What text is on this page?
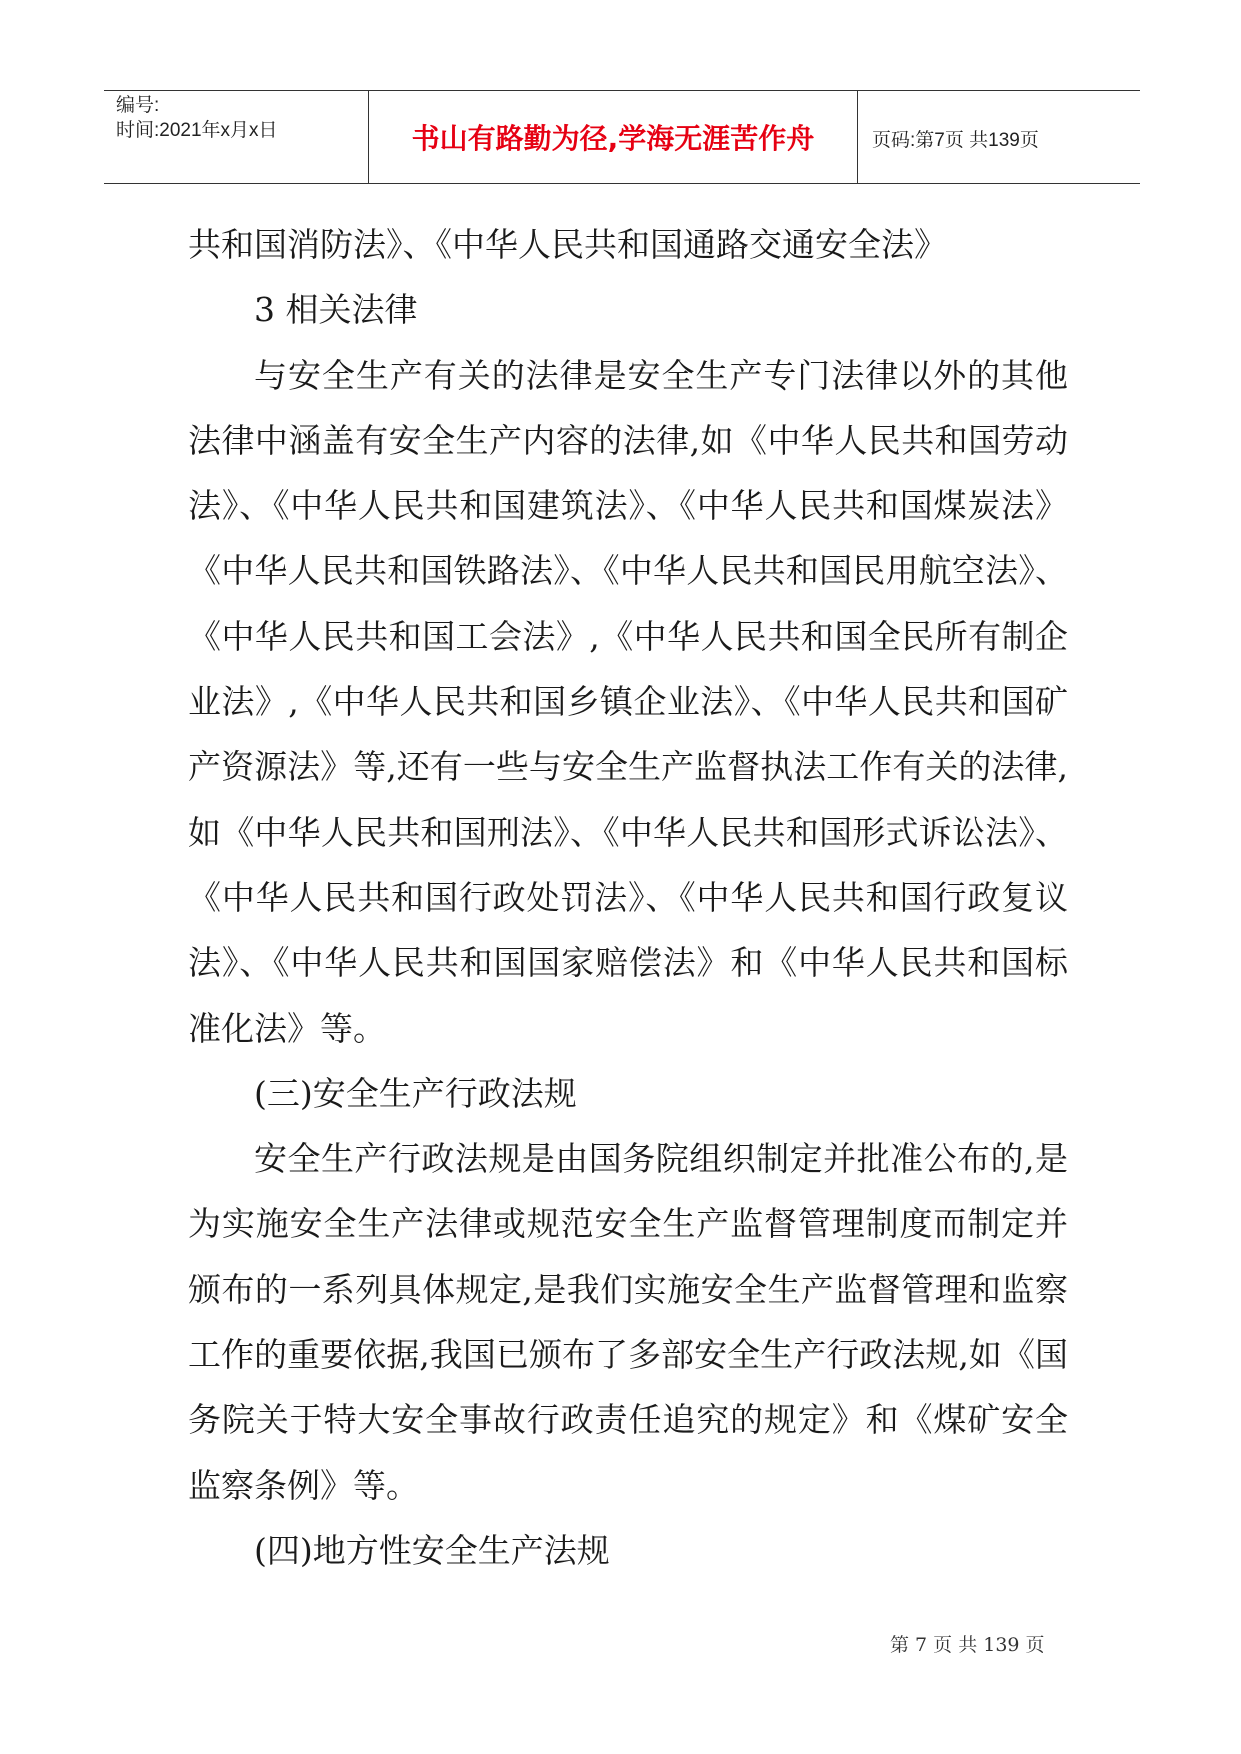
编号:
时间:2021年x月x日	书山有路勤为径,学海无涯苦作舟	页码:第7页 共139页

共和国消防法》、《中华人民共和国通路交通安全法》

3 相关法律

与安全生产有关的法律是安全生产专门法律以外的其他法律中涵盖有安全生产内容的法律,如《中华人民共和国劳动法》、《中华人民共和国建筑法》、《中华人民共和国煤炭法》《中华人民共和国铁路法》、《中华人民共和国民用航空法》、《中华人民共和国工会法》,《中华人民共和国全民所有制企业法》,《中华人民共和国乡镇企业法》、《中华人民共和国矿产资源法》等,还有一些与安全生产监督执法工作有关的法律,如《中华人民共和国刑法》、《中华人民共和国形式诉讼法》、《中华人民共和国行政处罚法》、《中华人民共和国行政复议法》、《中华人民共和国国家赔偿法》和《中华人民共和国标准化法》等。

(三)安全生产行政法规

安全生产行政法规是由国务院组织制定并批准公布的,是为实施安全生产法律或规范安全生产监督管理制度而制定并颁布的一系列具体规定,是我们实施安全生产监督管理和监察工作的重要依据,我国已颁布了多部安全生产行政法规,如《国务院关于特大安全事故行政责任追究的规定》和《煤矿安全监察条例》等。

(四)地方性安全生产法规

第 7 页 共 139 页
